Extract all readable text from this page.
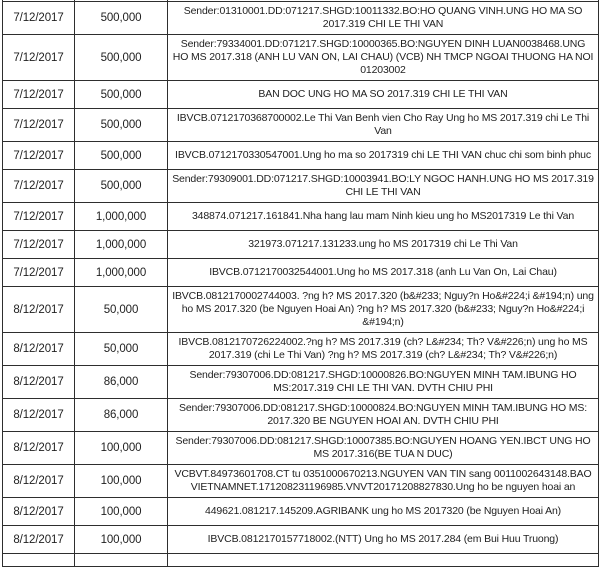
7/12/2017	500,000	Sender:01310001.DD:071217.SHGD:10011332.BO:HO QUANG VINH.UNG HO MA SO 2017.319 CHI LE THI VAN
7/12/2017	500,000	Sender:79334001.DD:071217.SHGD:10000365.BO:NGUYEN DINH LUAN0038468.UNG HO MS 2017.318 (ANH LU VAN ON, LAI CHAU) (VCB) NH TMCP NGOAI THUONG HA NOI 01203002
7/12/2017	500,000	BAN DOC UNG HO MA SO 2017.319 CHI LE THI VAN
7/12/2017	500,000	IBVCB.0712170368700002.Le Thi Van Benh vien Cho Ray Ung ho MS 2017.319 chi Le Thi Van
7/12/2017	500,000	IBVCB.0712170330547001.Ung ho ma so 2017319 chi LE THI VAN chuc chi som binh phuc
7/12/2017	500,000	Sender:79309001.DD:071217.SHGD:10003941.BO:LY NGOC HANH.UNG HO MS 2017.319 CHI LE THI VAN
7/12/2017	1,000,000	348874.071217.161841.Nha hang lau mam Ninh kieu ung ho MS2017319 Le thi Van
7/12/2017	1,000,000	321973.071217.131233.ung ho MS 2017319 chi Le Thi Van
7/12/2017	1,000,000	IBVCB.0712170032544001.Ung ho MS 2017.318 (anh Lu Van On, Lai Chau)
8/12/2017	50,000	IBVCB.0812170002744003. ?ng h? MS 2017.320 (b&#233; Nguy?n Ho&#224;i &#194;n) ung ho MS 2017.320 (be Nguyen Hoai An) ?ng h? MS 2017.320 (b&#233; Nguy?n Ho&#224;i &#194;n)
8/12/2017	50,000	IBVCB.0812170726224002.?ng h? MS 2017.319 (ch? L&#234; Th? V&#226;n) ung ho MS 2017.319 (chi Le Thi Van) ?ng h? MS 2017.319 (ch? L&#234; Th? V&#226;n)
8/12/2017	86,000	Sender:79307006.DD:081217.SHGD:10000826.BO:NGUYEN MINH TAM.IBUNG HO MS:2017.319 CHI LE THI VAN. DVTH CHIU PHI
8/12/2017	86,000	Sender:79307006.DD:081217.SHGD:10000824.BO:NGUYEN MINH TAM.IBUNG HO MS: 2017.320 BE NGUYEN HOAI AN. DVTH CHIU PHI
8/12/2017	100,000	Sender:79307006.DD:081217.SHGD:10007385.BO:NGUYEN HOANG YEN.IBCT UNG HO MS 2017.316(BE TUA N DUC)
8/12/2017	100,000	VCBVT.84973601708.CT tu 0351000670213.NGUYEN VAN TIN sang 0011002643148.BAO VIETNAMNET.171208231196985.VNVT20171208827830.Ung ho be nguyen hoai an
8/12/2017	100,000	449621.081217.145209.AGRIBANK ung ho MS 2017320 (be Nguyen Hoai An)
8/12/2017	100,000	IBVCB.0812170157718002.(NTT) Ung ho MS 2017.284 (em Bui Huu Truong)
